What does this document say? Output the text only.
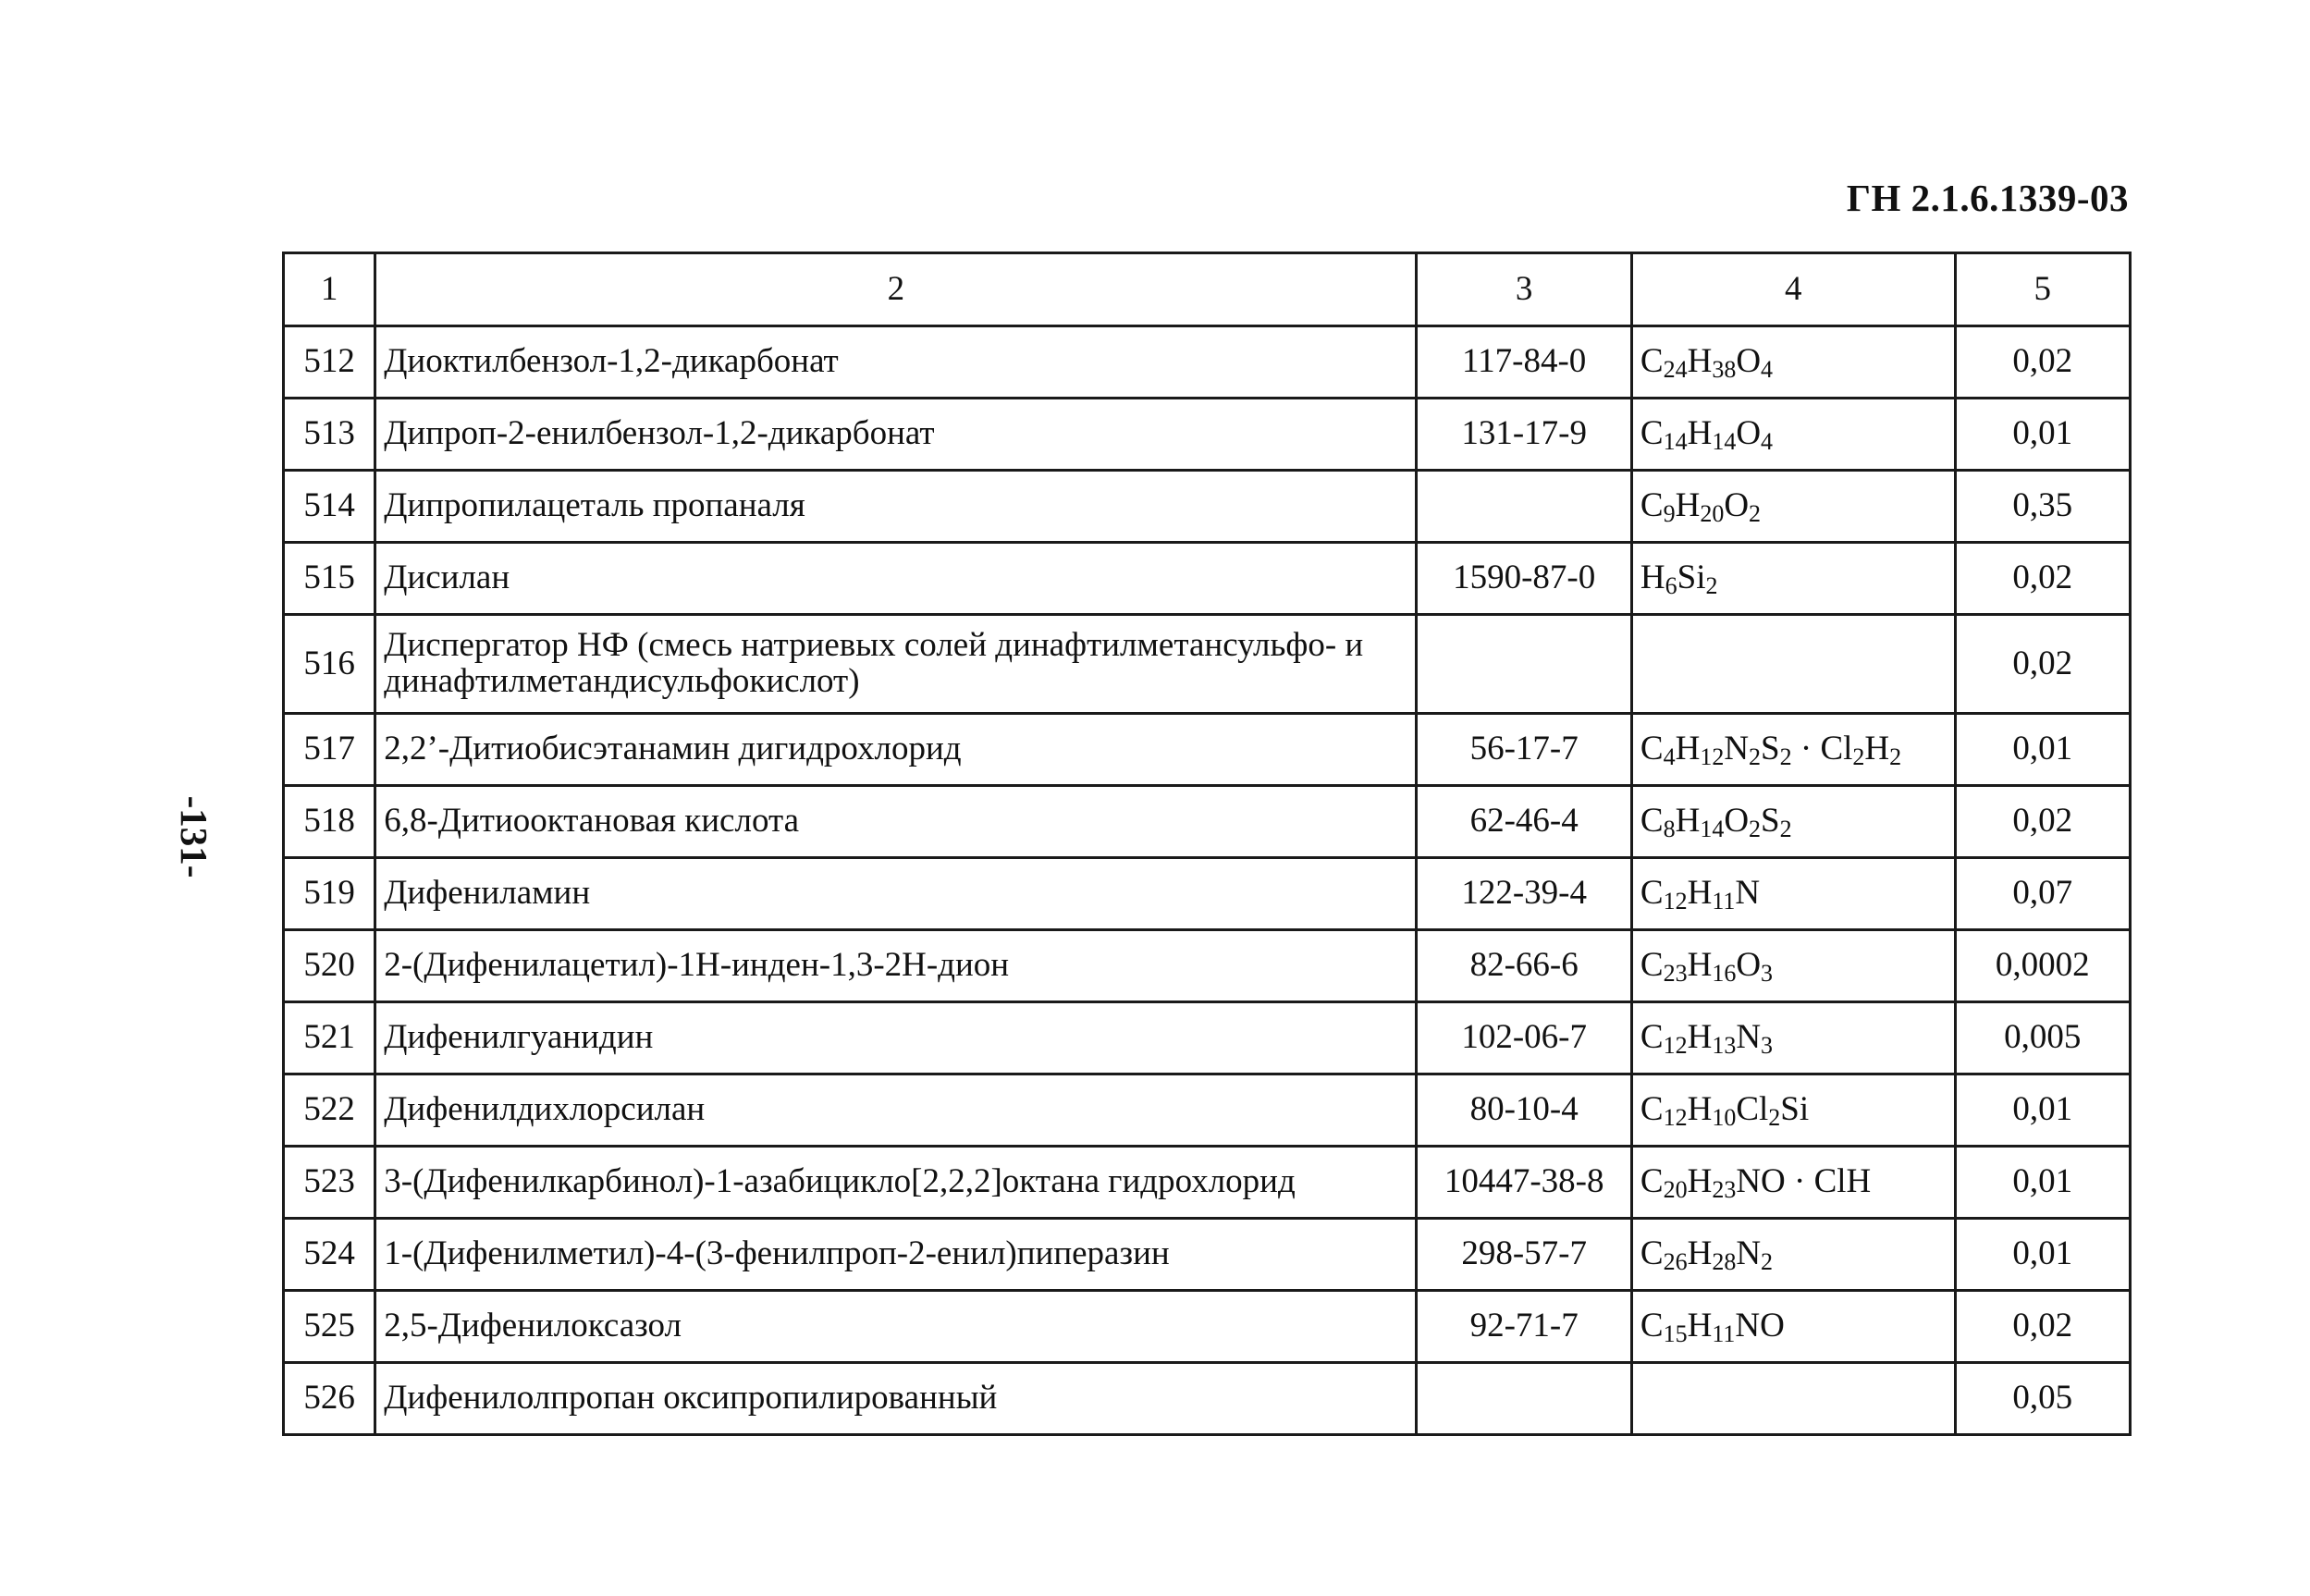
ГН 2.1.6.1339-03
-131-
1	2	3	4	5
512	Диоктилбензол-1,2-дикарбонат	117-84-0	$C_{24}H_{38}O_4$	0,02
513	Дипроп-2-енилбензол-1,2-дикарбонат	131-17-9	$C_{14}H_{14}O_4$	0,01
514	Дипропилацеталь пропаналя		$C_9H_{20}O_2$	0,35
515	Дисилан	1590-87-0	$H_6Si_2$	0,02
516	Диспергатор НФ (смесь натриевых солей динафтилметансульфо- и динафтилметандисульфокислот)			0,02
517	2,2’-Дитиобисэтанамин дигидрохлорид	56-17-7	$C_4H_{12}N_2S_2 \cdot Cl_2H_2$	0,01
518	6,8-Дитиооктановая кислота	62-46-4	$C_8H_{14}O_2S_2$	0,02
519	Дифениламин	122-39-4	$C_{12}H_{11}N$	0,07
520	2-(Дифенилацетил)-1Н-инден-1,3-2Н-дион	82-66-6	$C_{23}H_{16}O_3$	0,0002
521	Дифенилгуанидин	102-06-7	$C_{12}H_{13}N_3$	0,005
522	Дифенилдихлорсилан	80-10-4	$C_{12}H_{10}Cl_2Si$	0,01
523	3-(Дифенилкарбинол)-1-азабицикло[2,2,2]октана гидрохлорид	10447-38-8	$C_{20}H_{23}NO$ · ClH	0,01
524	1-(Дифенилметил)-4-(3-фенилпроп-2-енил)пиперазин	298-57-7	$C_{26}H_{28}N_2$	0,01
525	2,5-Дифенилоксазол	92-71-7	$C_{15}H_{11}NO$	0,02
526	Дифенилолпропан оксипропилированный			0,05
